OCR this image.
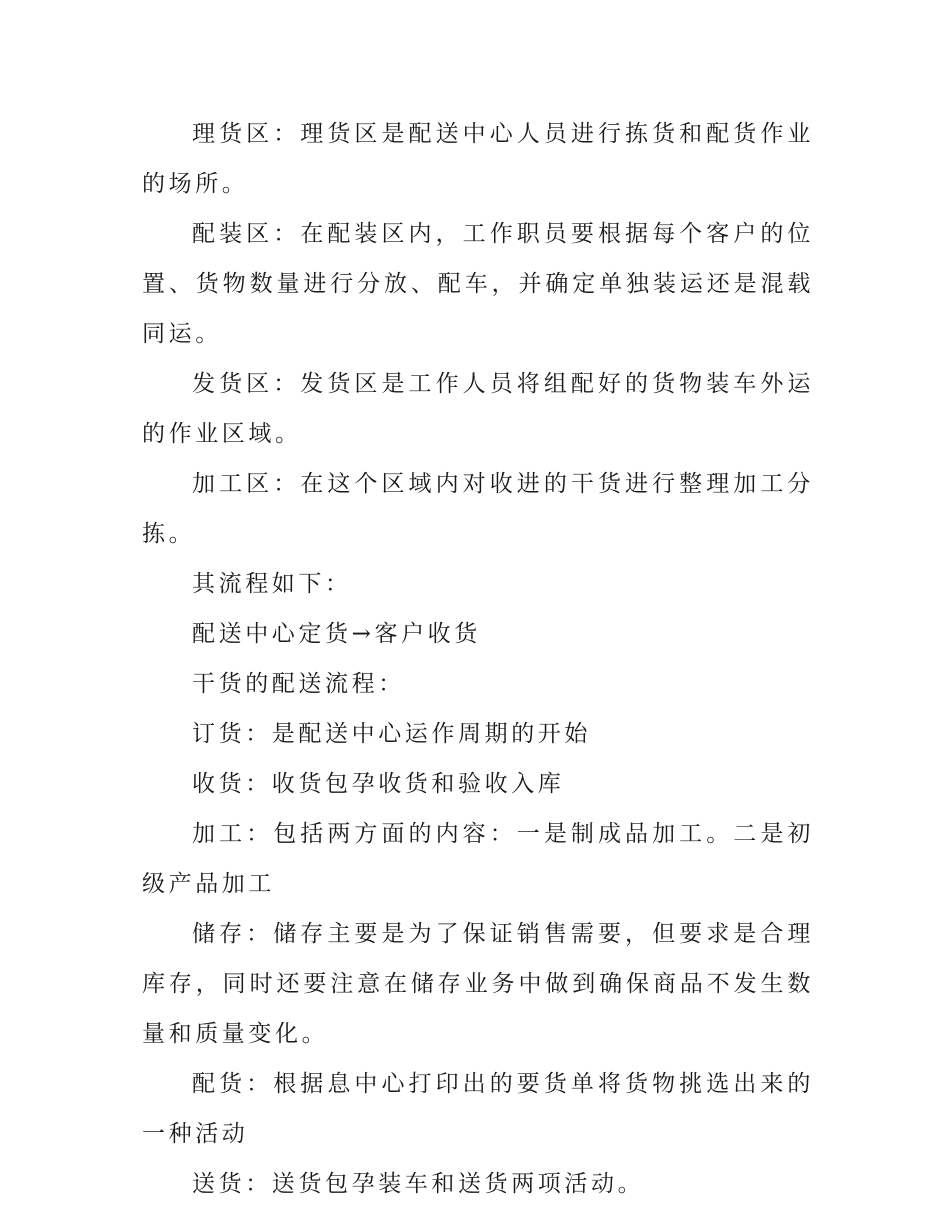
理货区：理货区是配送中心人员进行拣货和配货作业的场所。

配装区：在配装区内，工作职员要根据每个客户的位置、货物数量进行分放、配车，并确定单独装运还是混载同运。

发货区：发货区是工作人员将组配好的货物装车外运的作业区域。

加工区：在这个区域内对收进的干货进行整理加工分拣。

其流程如下：

配送中心定货→客户收货

干货的配送流程：

订货：是配送中心运作周期的开始

收货：收货包孕收货和验收入库

加工：包括两方面的内容：一是制成品加工。二是初级产品加工

储存：储存主要是为了保证销售需要，但要求是合理库存，同时还要注意在储存业务中做到确保商品不发生数量和质量变化。

配货：根据息中心打印出的要货单将货物挑选出来的一种活动

送货：送货包孕装车和送货两项活动。
